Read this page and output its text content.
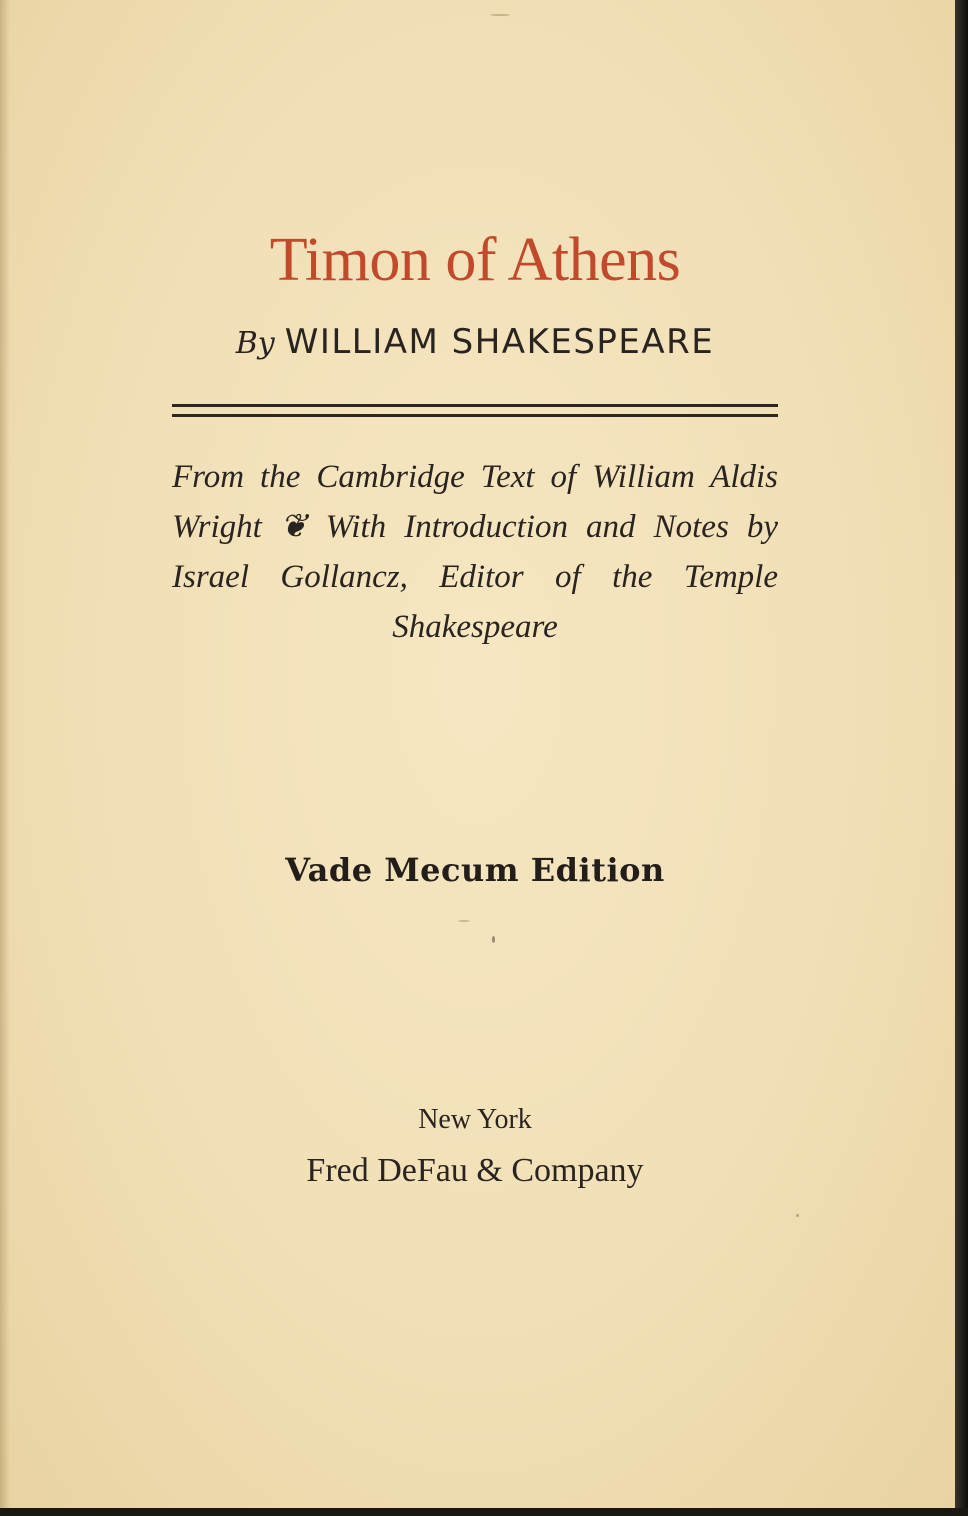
Timon of Athens
By WILLIAM SHAKESPEARE

From the Cambridge Text of William Aldis Wright ❦ With Introduction and Notes by Israel Gollancz, Editor of the Temple Shakespeare

Vade Mecum Edition
New York
Fred DeFau & Company
